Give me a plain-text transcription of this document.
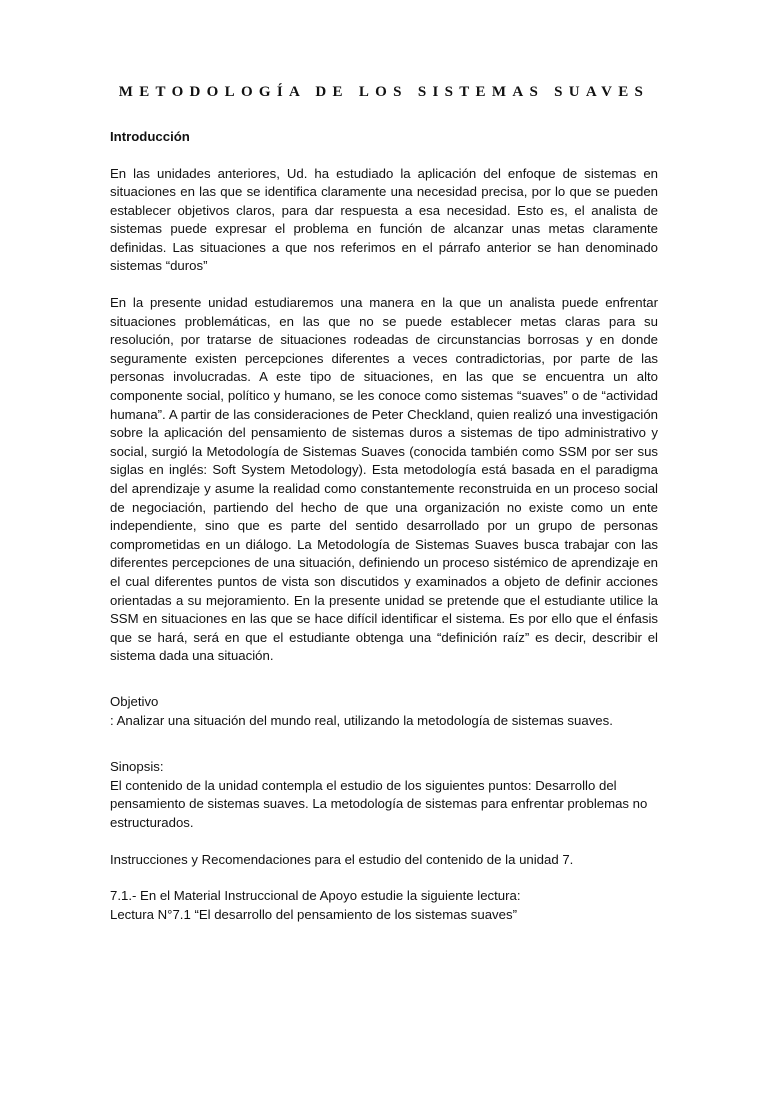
METODOLOGÍA DE LOS SISTEMAS SUAVES
Introducción

En las unidades anteriores, Ud. ha estudiado la aplicación del enfoque de sistemas en situaciones en las que se identifica claramente una necesidad precisa, por lo que se pueden establecer objetivos claros, para dar respuesta a esa necesidad. Esto es, el analista de sistemas puede expresar el problema en función de alcanzar unas metas claramente definidas. Las situaciones a que nos referimos en el párrafo anterior se han denominado sistemas “duros”

En la presente unidad estudiaremos una manera en la que un analista puede enfrentar situaciones problemáticas, en las que no se puede establecer metas claras para su resolución, por tratarse de situaciones rodeadas de circunstancias borrosas y en donde seguramente existen percepciones diferentes a veces contradictorias, por parte de las personas involucradas. A este tipo de situaciones, en las que se encuentra un alto componente social, político y humano, se les conoce como sistemas “suaves” o de “actividad humana”. A partir de las consideraciones de Peter Checkland, quien realizó una investigación sobre la aplicación del pensamiento de sistemas duros a sistemas de tipo administrativo y social, surgió la Metodología de Sistemas Suaves (conocida también como SSM por ser sus siglas en inglés: Soft System Metodology). Esta metodología está basada en el paradigma del aprendizaje y asume la realidad como constantemente reconstruida en un proceso social de negociación, partiendo del hecho de que una organización no existe como un ente independiente, sino que es parte del sentido desarrollado por un grupo de personas comprometidas en un diálogo. La Metodología de Sistemas Suaves busca trabajar con las diferentes percepciones de una situación, definiendo un proceso sistémico de aprendizaje en el cual diferentes puntos de vista son discutidos y examinados a objeto de definir acciones orientadas a su mejoramiento. En la presente unidad se pretende que el estudiante utilice la SSM en situaciones en las que se hace difícil identificar el sistema. Es por ello que el énfasis que se hará, será en que el estudiante obtenga una “definición raíz” es decir, describir el sistema dada una situación.

Objetivo
: Analizar una situación del mundo real, utilizando la metodología de sistemas suaves.

Sinopsis:
El contenido de la unidad contempla el estudio de los siguientes puntos: Desarrollo del pensamiento de sistemas suaves. La metodología de sistemas para enfrentar problemas no estructurados.

Instrucciones y Recomendaciones para el estudio del contenido de la unidad 7.

7.1.- En el Material Instruccional de Apoyo estudie la siguiente lectura:
Lectura N°7.1 “El desarrollo del pensamiento de los sistemas suaves”
